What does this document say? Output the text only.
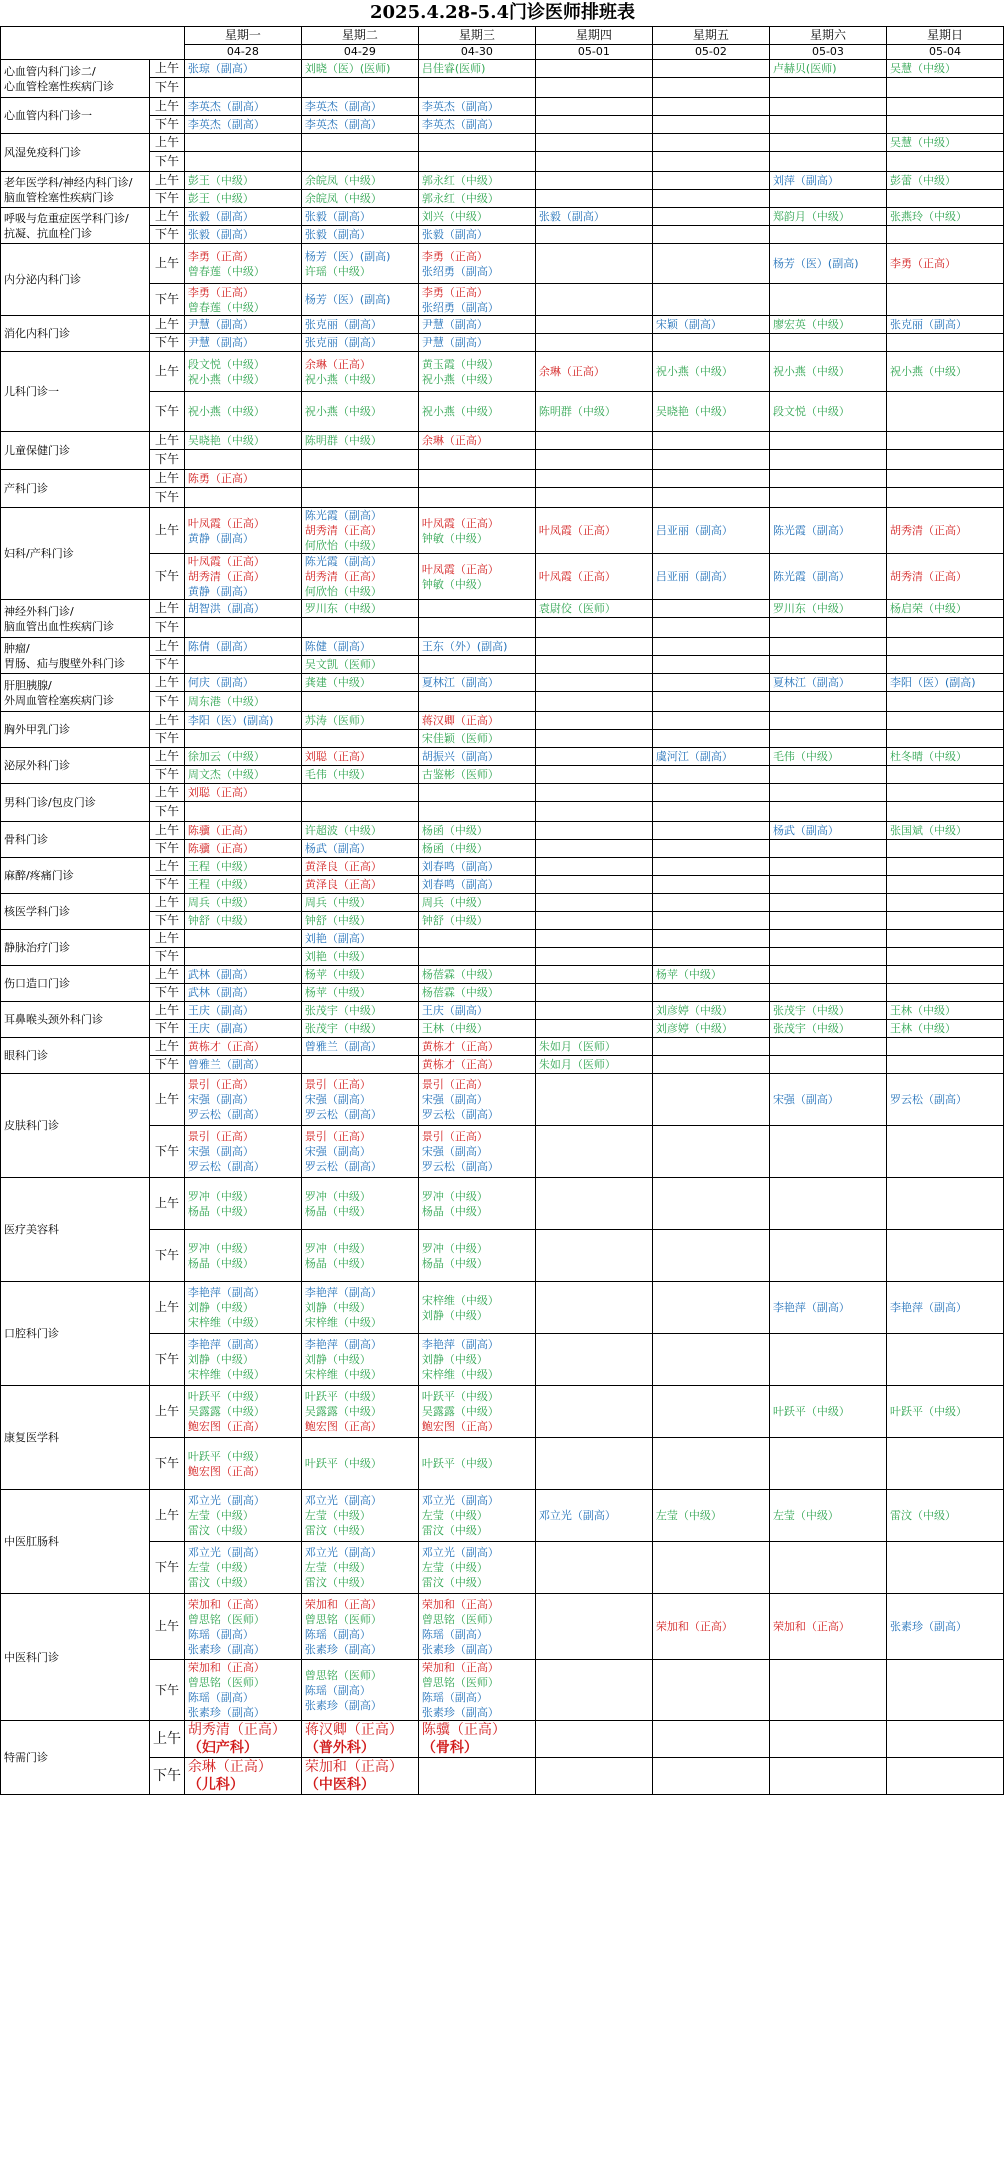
2025.4.28-5.4门诊医师排班表
		星期一	星期二	星期三	星期四	星期五	星期六	星期日
		04-28	04-29	04-30	05-01	05-02	05-03	05-04

心血管内科门诊二/
心血管栓塞性疾病门诊	上午	张琼（副高）	刘晓（医）(医师)	吕佳睿(医师)			卢赫贝(医师)	吴慧（中级）

	下午							

心血管内科门诊一	上午	李英杰（副高）	李英杰（副高）	李英杰（副高）				

	下午	李英杰（副高）	李英杰（副高）	李英杰（副高）				

风湿免疫科门诊	上午							吴慧（中级）

	下午							

老年医学科/神经内科门诊/
脑血管栓塞性疾病门诊	上午	彭王（中级）	余皖凤（中级）	郭永红（中级）			刘萍（副高）	彭蕾（中级）

	下午	彭王（中级）	余皖凤（中级）	郭永红（中级）				

呼吸与危重症医学科门诊/
抗凝、抗血栓门诊	上午	张毅（副高）	张毅（副高）	刘兴（中级）	张毅（副高）		郑韵月（中级）	张燕玲（中级）

	下午	张毅（副高）	张毅（副高）	张毅（副高）				

内分泌内科门诊	上午	李勇（正高）
曾春莲（中级）	杨芳（医）(副高)
许瑶（中级）	李勇（正高）
张绍勇（副高）			杨芳（医）(副高)	李勇（正高）

	下午	李勇（正高）
曾春莲（中级）	杨芳（医）(副高)	李勇（正高）
张绍勇（副高）				

消化内科门诊	上午	尹慧（副高）	张克丽（副高）	尹慧（副高）		宋颖（副高）	廖宏英（中级）	张克丽（副高）

	下午	尹慧（副高）	张克丽（副高）	尹慧（副高）				

儿科门诊一	上午	段文悦（中级）
祝小燕（中级）	余琳（正高）
祝小燕（中级）	黄玉霞（中级）
祝小燕（中级）	余琳（正高）	祝小燕（中级）	祝小燕（中级）	祝小燕（中级）

	下午	祝小燕（中级）	祝小燕（中级）	祝小燕（中级）	陈明群（中级）	吴晓艳（中级）	段文悦（中级）	

儿童保健门诊	上午	吴晓艳（中级）	陈明群（中级）	余琳（正高）				

	下午							

产科门诊	上午	陈勇（正高）						

	下午							

妇科/产科门诊	上午	叶凤霞（正高）
黄静（副高）	陈光霞（副高）
胡秀清（正高）
何欣怡（中级）	叶凤霞（正高）
钟敏（中级）	叶凤霞（正高）	吕亚丽（副高）	陈光霞（副高）	胡秀清（正高）

	下午	叶凤霞（正高）
胡秀清（正高）
黄静（副高）	陈光霞（副高）
胡秀清（正高）
何欣怡（中级）	叶凤霞（正高）
钟敏（中级）	叶凤霞（正高）	吕亚丽（副高）	陈光霞（副高）	胡秀清（正高）

神经外科门诊/
脑血管出血性疾病门诊	上午	胡智洪（副高）	罗川东（中级）		袁尉佼（医师）		罗川东（中级）	杨启荣（中级）

	下午							

肿瘤/
胃肠、疝与腹壁外科门诊	上午	陈倩（副高）	陈健（副高）	王东（外）(副高)				

	下午		吴文凯（医师）					

肝胆胰腺/
外周血管栓塞疾病门诊	上午	何庆（副高）	龚建（中级）	夏林江（副高）			夏林江（副高）	李阳（医）(副高)

	下午	周东港（中级）						

胸外甲乳门诊	上午	李阳（医）(副高)	苏涛（医师）	蒋汉卿（正高）				

	下午			宋佳颖（医师）				

泌尿外科门诊	上午	徐加云（中级）	刘聪（正高）	胡振兴（副高）		虞河江（副高）	毛伟（中级）	杜冬晴（中级）

	下午	周文杰（中级）	毛伟（中级）	古鉴彬（医师）				

男科门诊/包皮门诊	上午	刘聪（正高）						

	下午							

骨科门诊	上午	陈骥（正高）	许超波（中级）	杨函（中级）			杨武（副高）	张国斌（中级）

	下午	陈骥（正高）	杨武（副高）	杨函（中级）				

麻醉/疼痛门诊	上午	王程（中级）	黄泽良（正高）	刘春鸣（副高）				

	下午	王程（中级）	黄泽良（正高）	刘春鸣（副高）				

核医学科门诊	上午	周兵（中级）	周兵（中级）	周兵（中级）				

	下午	钟舒（中级）	钟舒（中级）	钟舒（中级）				

静脉治疗门诊	上午		刘艳（副高）					

	下午		刘艳（中级）					

伤口造口门诊	上午	武林（副高）	杨苹（中级）	杨蓓霖（中级）		杨苹（中级）		

	下午	武林（副高）	杨苹（中级）	杨蓓霖（中级）				

耳鼻喉头颈外科门诊	上午	王庆（副高）	张茂宇（中级）	王庆（副高）		刘彦婷（中级）	张茂宇（中级）	王林（中级）

	下午	王庆（副高）	张茂宇（中级）	王林（中级）		刘彦婷（中级）	张茂宇（中级）	王林（中级）

眼科门诊	上午	黄栋才（正高）	曾雅兰（副高）	黄栋才（正高）	朱如月（医师）			

	下午	曾雅兰（副高）		黄栋才（正高）	朱如月（医师）			

皮肤科门诊	上午	景引（正高）
宋强（副高）
罗云松（副高）	景引（正高）
宋强（副高）
罗云松（副高）	景引（正高）
宋强（副高）
罗云松（副高）			宋强（副高）	罗云松（副高）

	下午	景引（正高）
宋强（副高）
罗云松（副高）	景引（正高）
宋强（副高）
罗云松（副高）	景引（正高）
宋强（副高）
罗云松（副高）				

医疗美容科	上午	罗冲（中级）
杨晶（中级）	罗冲（中级）
杨晶（中级）	罗冲（中级）
杨晶（中级）				

	下午	罗冲（中级）
杨晶（中级）	罗冲（中级）
杨晶（中级）	罗冲（中级）
杨晶（中级）				

口腔科门诊	上午	李艳萍（副高）
刘静（中级）
宋梓维（中级）	李艳萍（副高）
刘静（中级）
宋梓维（中级）	宋梓维（中级）
刘静（中级）			李艳萍（副高）	李艳萍（副高）

	下午	李艳萍（副高）
刘静（中级）
宋梓维（中级）	李艳萍（副高）
刘静（中级）
宋梓维（中级）	李艳萍（副高）
刘静（中级）
宋梓维（中级）				

康复医学科	上午	叶跃平（中级）
吴露露（中级）
鲍宏图（正高）	叶跃平（中级）
吴露露（中级）
鲍宏图（正高）	叶跃平（中级）
吴露露（中级）
鲍宏图（正高）			叶跃平（中级）	叶跃平（中级）

	下午	叶跃平（中级）
鲍宏图（正高）	叶跃平（中级）	叶跃平（中级）				

中医肛肠科	上午	邓立光（副高）
左莹（中级）
雷汶（中级）	邓立光（副高）
左莹（中级）
雷汶（中级）	邓立光（副高）
左莹（中级）
雷汶（中级）	邓立光（副高）	左莹（中级）	左莹（中级）	雷汶（中级）

	下午	邓立光（副高）
左莹（中级）
雷汶（中级）	邓立光（副高）
左莹（中级）
雷汶（中级）	邓立光（副高）
左莹（中级）
雷汶（中级）				

中医科门诊	上午	荣加和（正高）
曾思铭（医师）
陈瑶（副高）
张素珍（副高）	荣加和（正高）
曾思铭（医师）
陈瑶（副高）
张素珍（副高）	荣加和（正高）
曾思铭（医师）
陈瑶（副高）
张素珍（副高）		荣加和（正高）	荣加和（正高）	张素珍（副高）

	下午	荣加和（正高）
曾思铭（医师）
陈瑶（副高）
张素珍（副高）	曾思铭（医师）
陈瑶（副高）
张素珍（副高）	荣加和（正高）
曾思铭（医师）
陈瑶（副高）
张素珍（副高）				

特需门诊	上午	胡秀清（正高）
（妇产科）	蒋汉卿（正高）
（普外科）	陈骥（正高）
（骨科）				

	下午	余琳（正高）
（儿科）	荣加和（正高）
（中医科）					
